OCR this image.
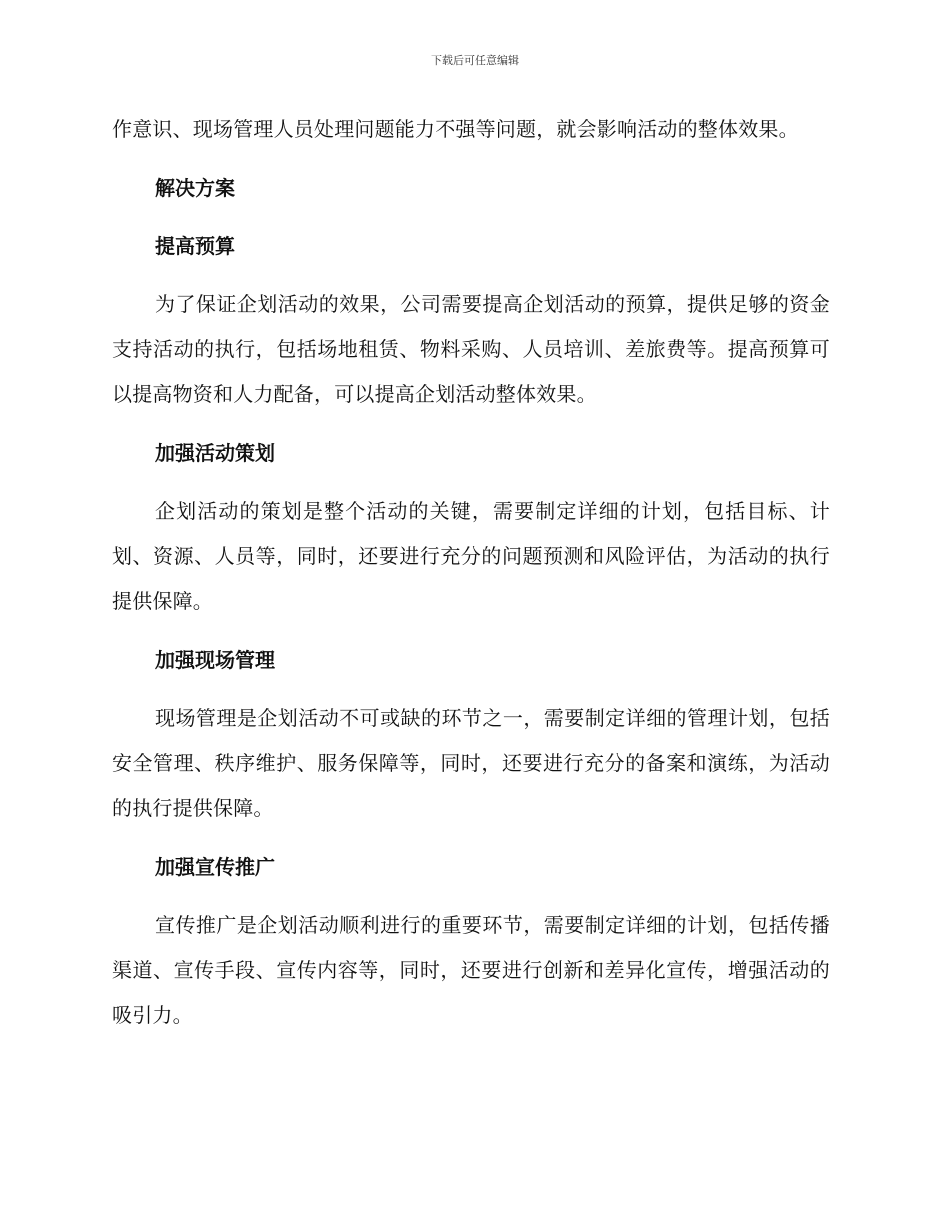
下载后可任意编辑

作意识、现场管理人员处理问题能力不强等问题，就会影响活动的整体效果。

解决方案
提高预算

为了保证企划活动的效果，公司需要提高企划活动的预算，提供足够的资金支持活动的执行，包括场地租赁、物料采购、人员培训、差旅费等。提高预算可以提高物资和人力配备，可以提高企划活动整体效果。

加强活动策划

企划活动的策划是整个活动的关键，需要制定详细的计划，包括目标、计划、资源、人员等，同时，还要进行充分的问题预测和风险评估，为活动的执行提供保障。

加强现场管理

现场管理是企划活动不可或缺的环节之一，需要制定详细的管理计划，包括安全管理、秩序维护、服务保障等，同时，还要进行充分的备案和演练，为活动的执行提供保障。

加强宣传推广

宣传推广是企划活动顺利进行的重要环节，需要制定详细的计划，包括传播渠道、宣传手段、宣传内容等，同时，还要进行创新和差异化宣传，增强活动的吸引力。
